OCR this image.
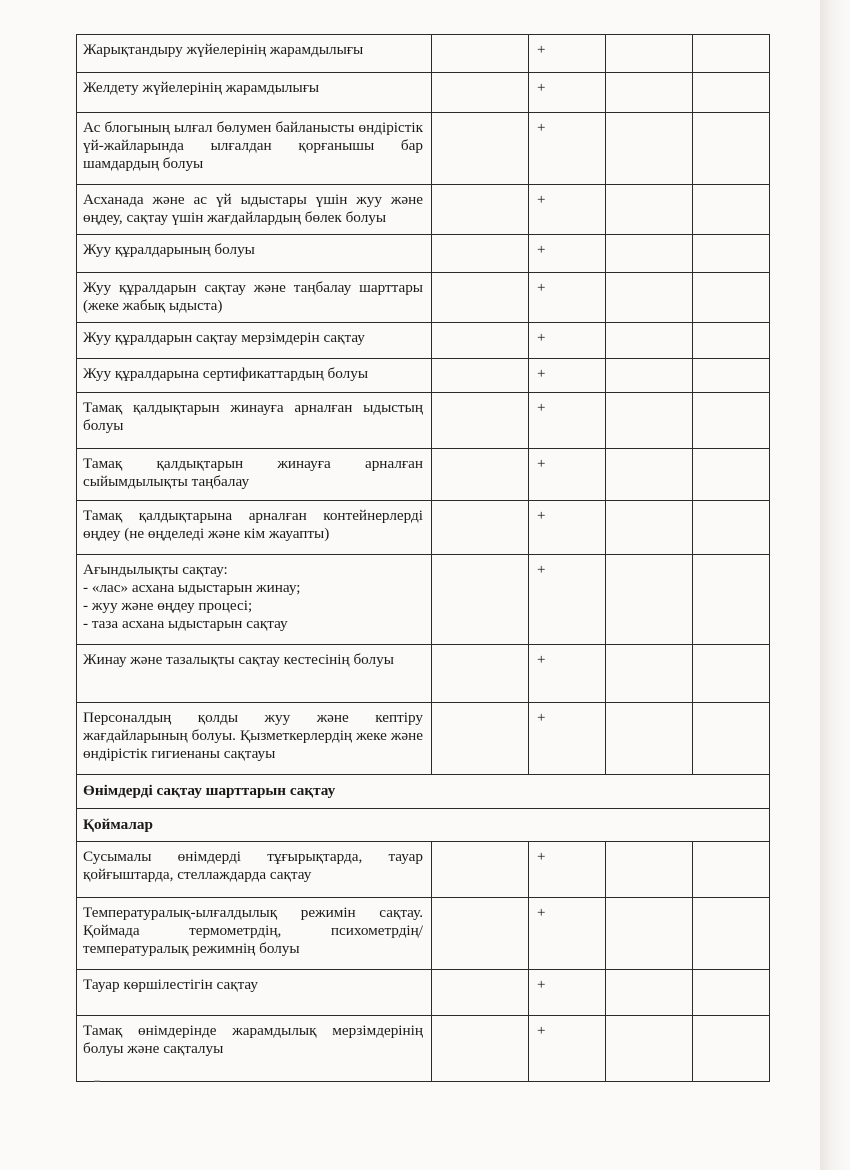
Жарықтандыру жүйелерінің жарамдылығы		+		
Желдету жүйелерінің жарамдылығы		+		
Ас блогының ылғал бөлумен байланысты өндірістік үй-жайларында ылғалдан қорғанышы бар шамдардың болуы		+		
Асханада және ас үй ыдыстары үшін жуу және өңдеу, сақтау үшін жағдайлардың бөлек болуы		+		
Жуу құралдарының болуы		+		
Жуу құралдарын сақтау және таңбалау шарттары (жеке жабық ыдыста)		+		
Жуу құралдарын сақтау мерзімдерін сақтау		+		
Жуу құралдарына сертификаттардың болуы		+		
Тамақ қалдықтарын жинауға арналған ыдыстың болуы		+		
Тамақ қалдықтарын жинауға арналған сыйымдылықты таңбалау		+		
Тамақ қалдықтарына арналған контейнерлерді өңдеу (не өңделеді және кім жауапты)		+		

Ағындылықты сақтау:
- «лас» асхана ыдыстарын жинау;
- жуу және өңдеу процесі;
- таза асхана ыдыстарын сақтау		+		
Жинау және тазалықты сақтау кестесінің болуы		+		
Персоналдың қолды жуу және кептіру жағдайларының болуы. Қызметкерлердің жеке және өндірістік гигиенаны сақтауы		+		
Өнімдерді сақтау шарттарын сақтау				
Қоймалар				
Сусымалы өнімдерді тұғырықтарда, тауар қойғыштарда, стеллаждарда сақтау		+		
Температуралық-ылғалдылық режимін сақтау. Қоймада термометрдің, психометрдің/температуралық режимнің болуы		+		
Тауар көршілестігін сақтау		+		
Тамақ өнімдерінде жарамдылық мерзімдерінің болуы және сақталуы		+		
